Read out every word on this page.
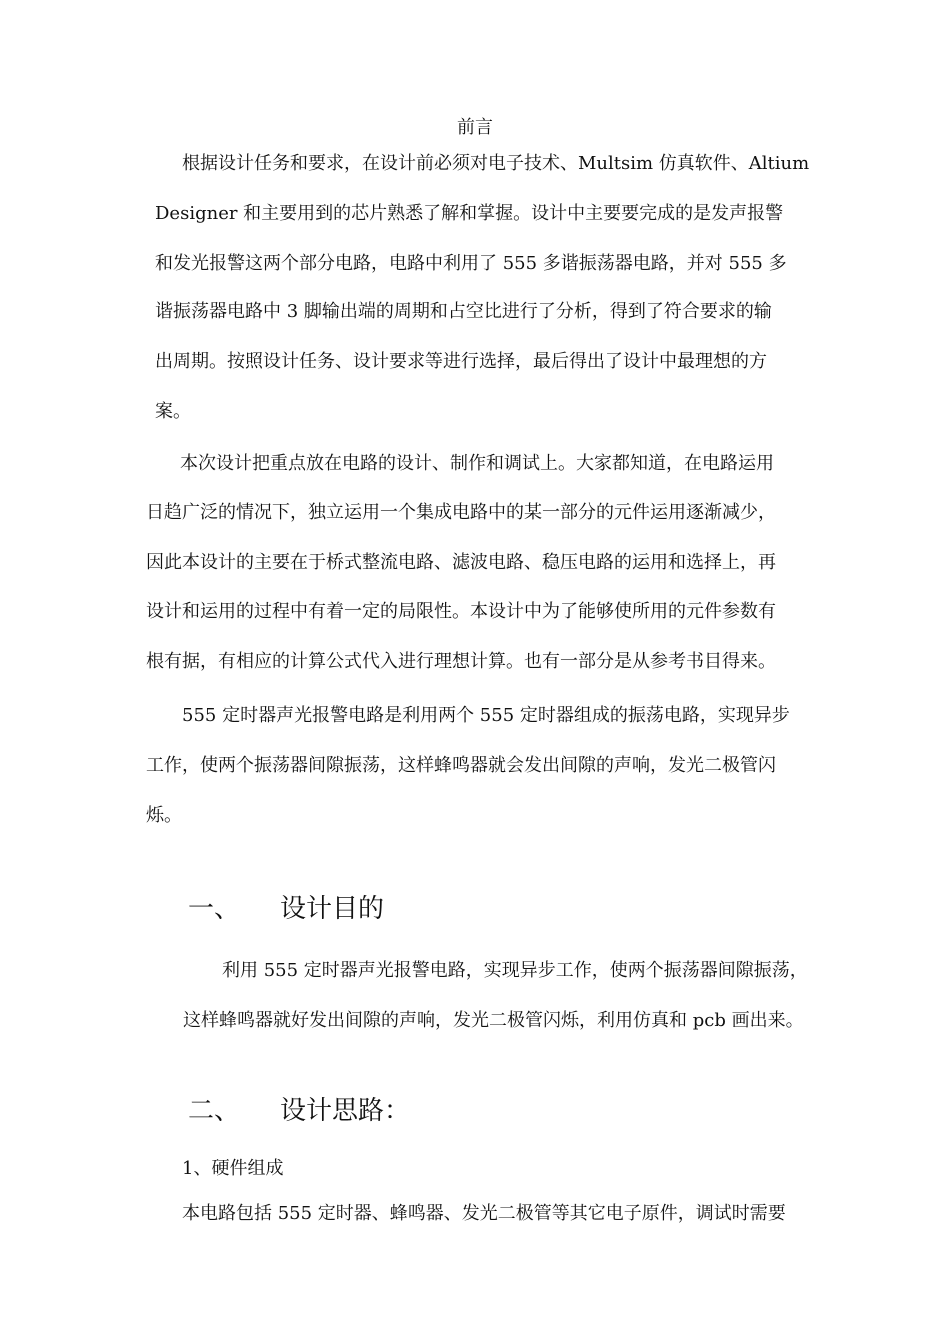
前言
根据设计任务和要求，在设计前必须对电子技术、Multsim 仿真软件、Altium
Designer 和主要用到的芯片熟悉了解和掌握。设计中主要要完成的是发声报警
和发光报警这两个部分电路，电路中利用了 555 多谐振荡器电路，并对 555 多
谐振荡器电路中 3 脚输出端的周期和占空比进行了分析，得到了符合要求的输
出周期。按照设计任务、设计要求等进行选择，最后得出了设计中最理想的方
案。
本次设计把重点放在电路的设计、制作和调试上。大家都知道，在电路运用
日趋广泛的情况下，独立运用一个集成电路中的某一部分的元件运用逐渐减少，
因此本设计的主要在于桥式整流电路、滤波电路、稳压电路的运用和选择上，再
设计和运用的过程中有着一定的局限性。本设计中为了能够使所用的元件参数有
根有据，有相应的计算公式代入进行理想计算。也有一部分是从参考书目得来。
555 定时器声光报警电路是利用两个 555 定时器组成的振荡电路，实现异步
工作，使两个振荡器间隙振荡，这样蜂鸣器就会发出间隙的声响，发光二极管闪
烁。
一、 设计目的
利用 555 定时器声光报警电路，实现异步工作，使两个振荡器间隙振荡，
这样蜂鸣器就好发出间隙的声响，发光二极管闪烁，利用仿真和 pcb 画出来。
二、 设计思路：
1、硬件组成
本电路包括 555 定时器、蜂鸣器、发光二极管等其它电子原件，调试时需要
